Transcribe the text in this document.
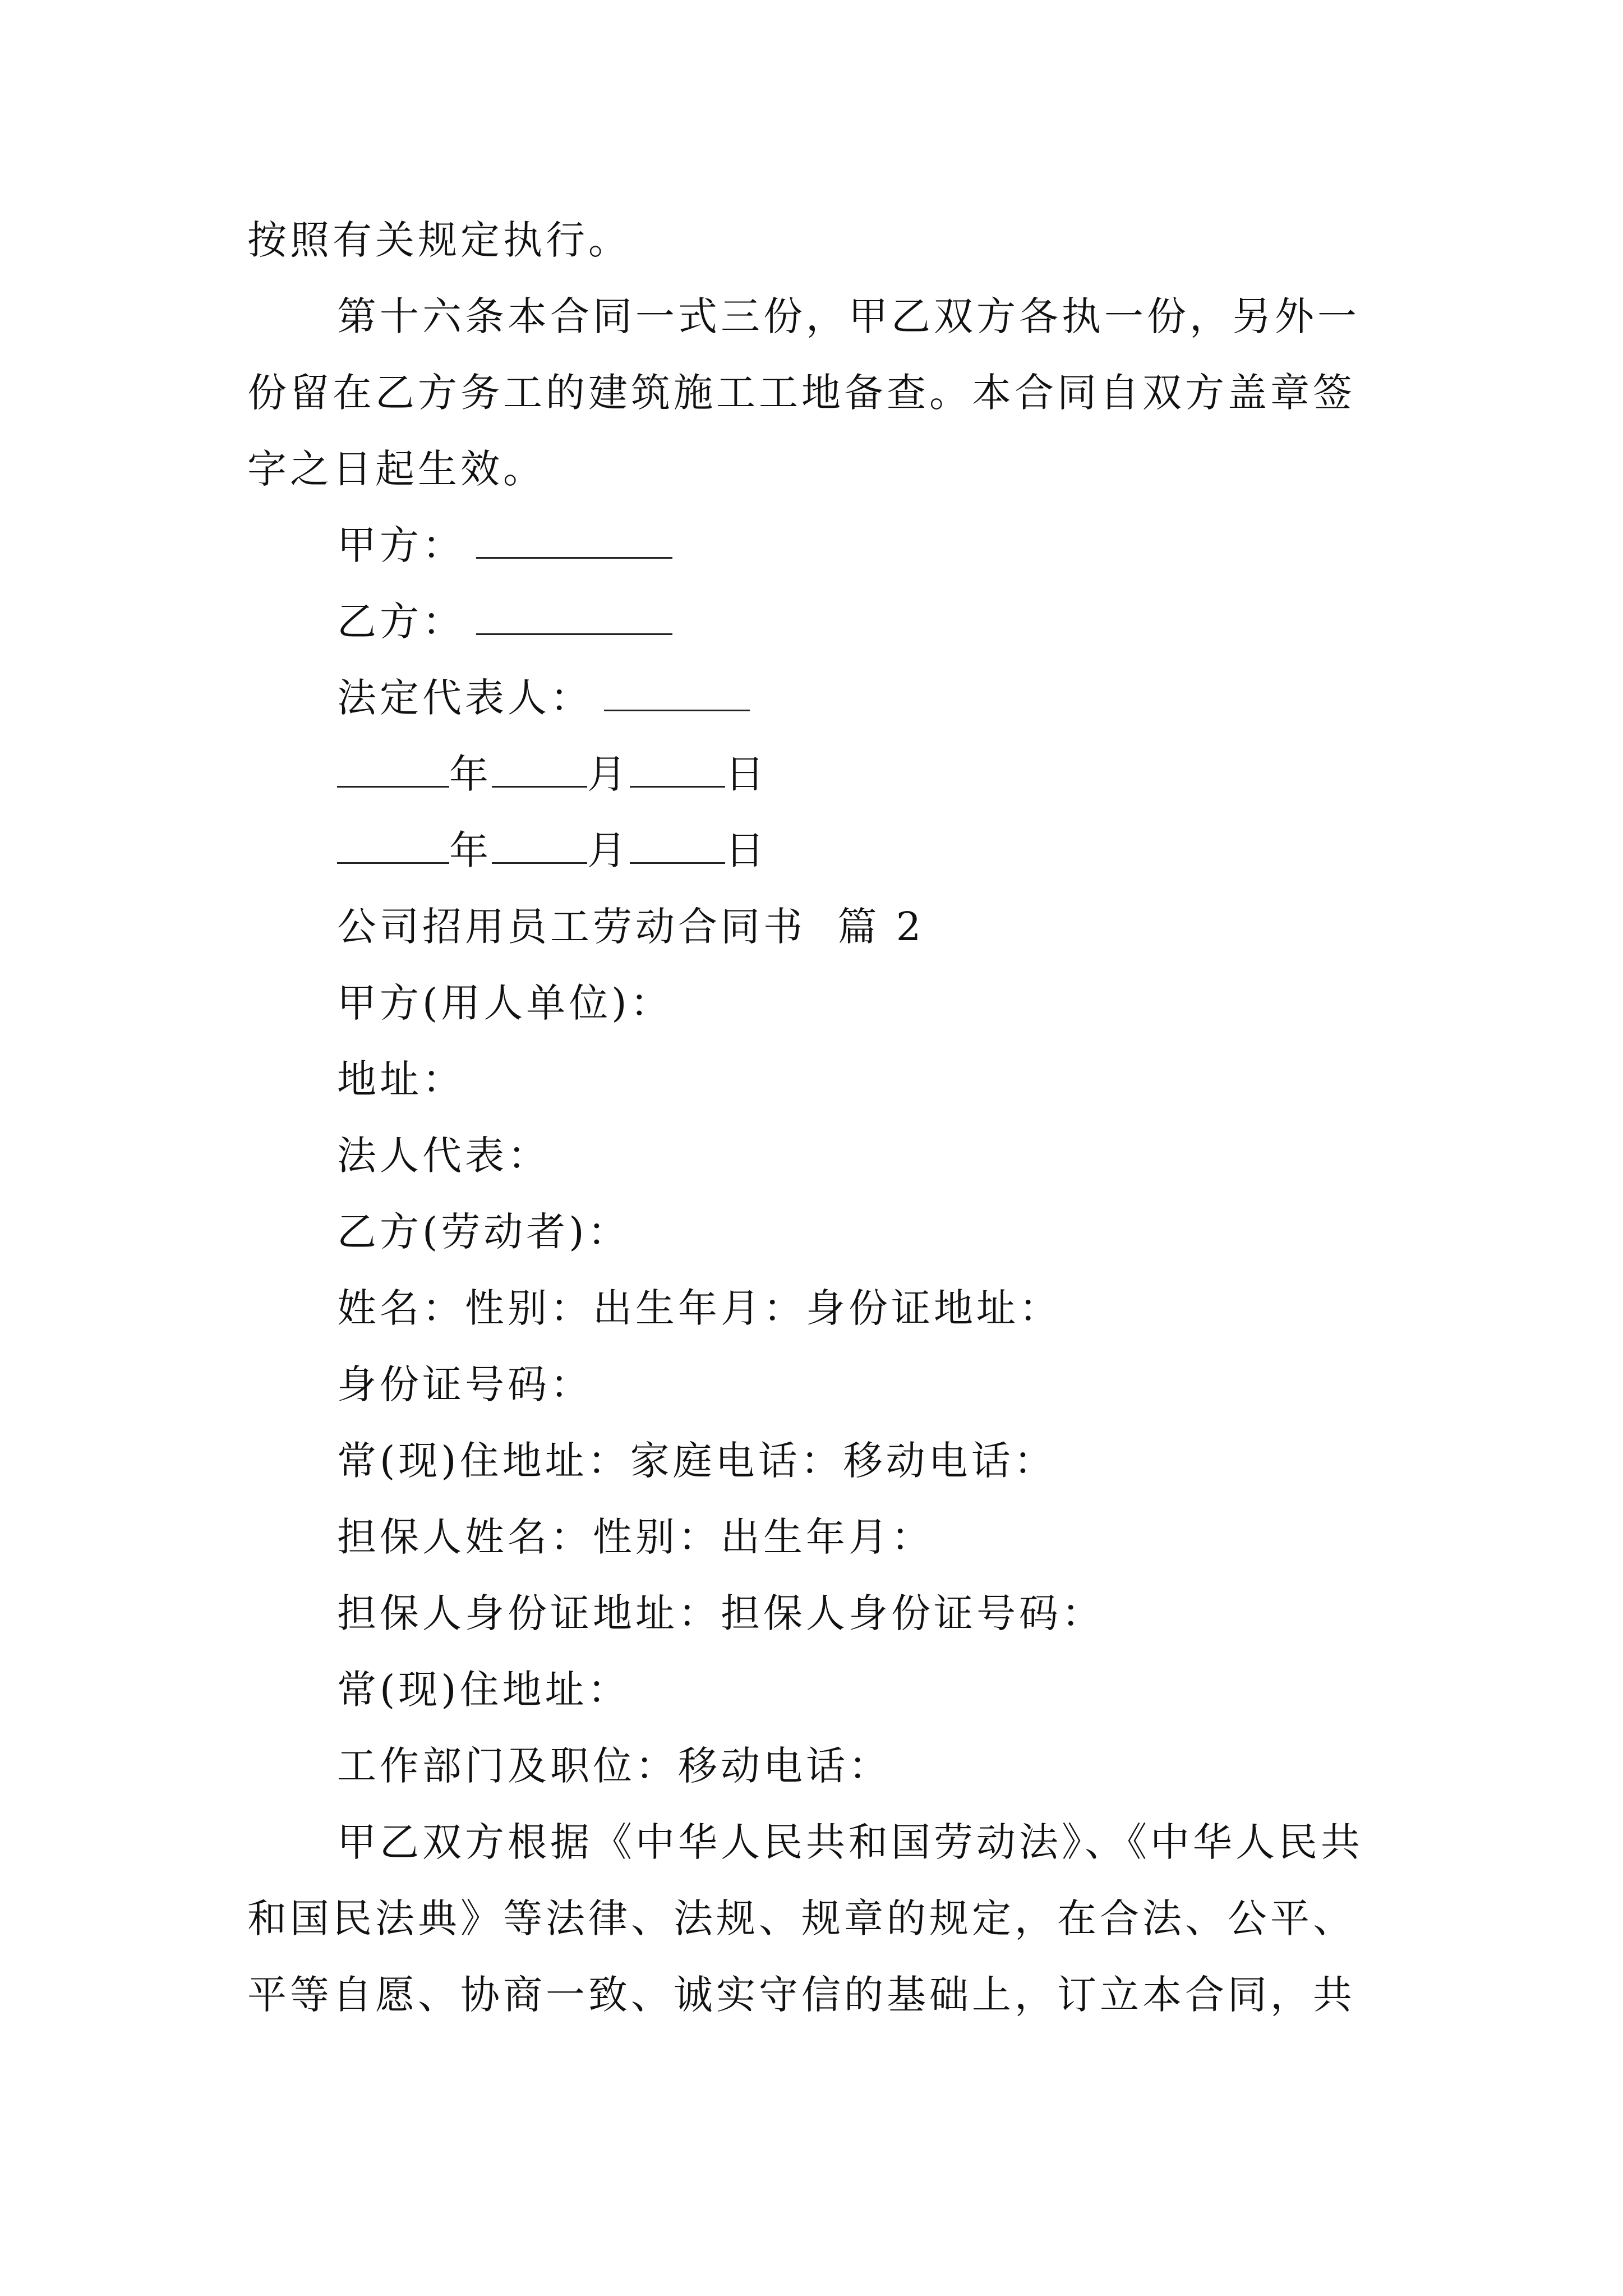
按照有关规定执行。
第十六条本合同一式三份，甲乙双方各执一份，另外一
份留在乙方务工的建筑施工工地备查。本合同自双方盖章签
字之日起生效。
甲方：
乙方：
法定代表人：
年 月 日
年 月 日
公司招用员工劳动合同书  篇 2
甲方(用人单位)：
地址：
法人代表：
乙方(劳动者)：
姓名：性别：出生年月：身份证地址：
身份证号码：
常(现)住地址：家庭电话：移动电话：
担保人姓名：性别：出生年月：
担保人身份证地址：担保人身份证号码：
常(现)住地址：
工作部门及职位：移动电话：
甲乙双方根据《中华人民共和国劳动法》、《中华人民共
和国民法典》等法律、法规、规章的规定，在合法、公平、
平等自愿、协商一致、诚实守信的基础上，订立本合同，共
